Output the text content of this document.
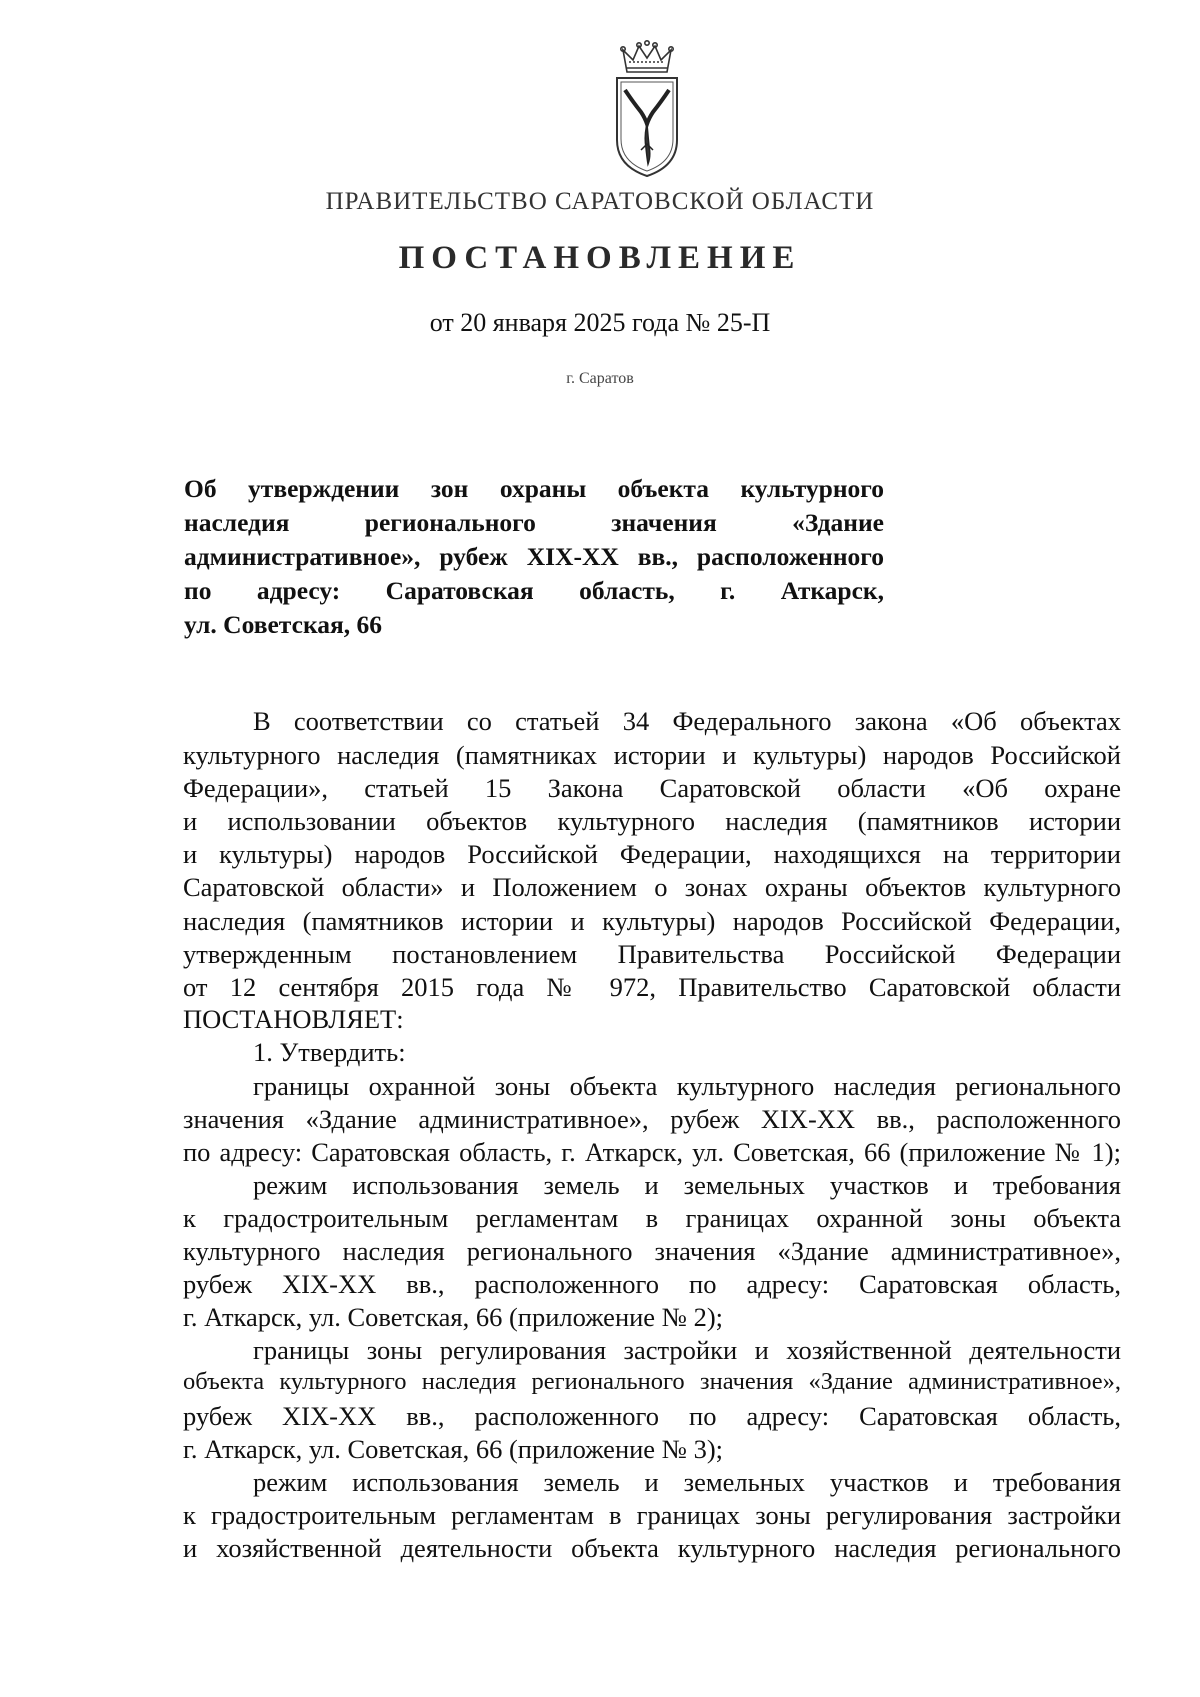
ПРАВИТЕЛЬСТВО САРАТОВСКОЙ ОБЛАСТИ
ПОСТАНОВЛЕНИЕ
от 20 января 2025 года № 25-П
г. Саратов
Об утверждении зон охраны объекта культурного
наследия регионального значения «Здание
административное», рубеж XIX-XX вв., расположенного
по адресу: Саратовская область, г. Аткарск,
ул. Советская, 66
В соответствии со статьей 34 Федерального закона «Об объектах
культурного наследия (памятниках истории и культуры) народов Российской
Федерации», статьей 15 Закона Саратовской области «Об охране
и использовании объектов культурного наследия (памятников истории
и культуры) народов Российской Федерации, находящихся на территории
Саратовской области» и Положением о зонах охраны объектов культурного
наследия (памятников истории и культуры) народов Российской Федерации,
утвержденным постановлением Правительства Российской Федерации
от 12 сентября 2015 года № 972, Правительство Саратовской области
ПОСТАНОВЛЯЕТ:
1. Утвердить:
границы охранной зоны объекта культурного наследия регионального
значения «Здание административное», рубеж XIX-XX вв., расположенного
по адресу: Саратовская область, г. Аткарск, ул. Советская, 66 (приложение № 1);
режим использования земель и земельных участков и требования
к градостроительным регламентам в границах охранной зоны объекта
культурного наследия регионального значения «Здание административное»,
рубеж XIX-XX вв., расположенного по адресу: Саратовская область,
г. Аткарск, ул. Советская, 66 (приложение № 2);
границы зоны регулирования застройки и хозяйственной деятельности
объекта культурного наследия регионального значения «Здание административное»,
рубеж XIX-XX вв., расположенного по адресу: Саратовская область,
г. Аткарск, ул. Советская, 66 (приложение № 3);
режим использования земель и земельных участков и требования
к градостроительным регламентам в границах зоны регулирования застройки
и хозяйственной деятельности объекта культурного наследия регионального
